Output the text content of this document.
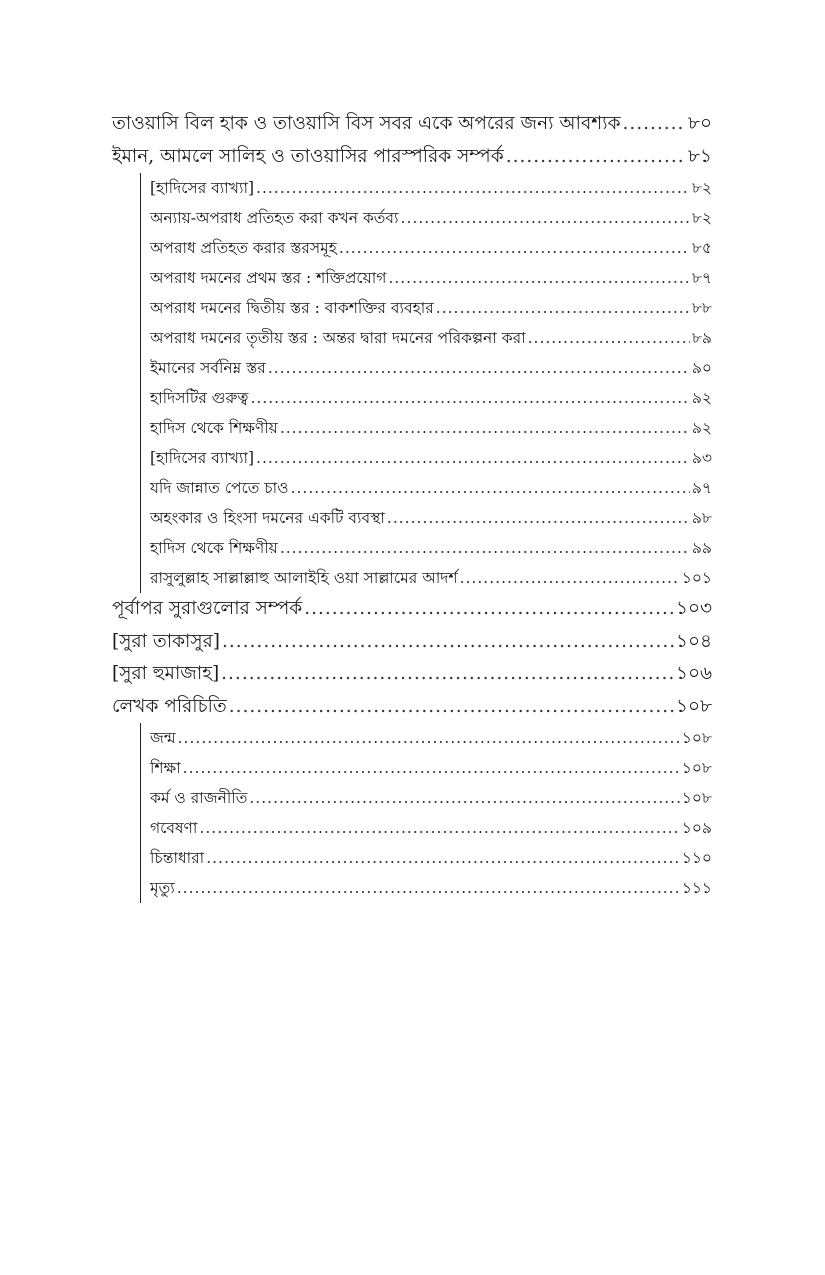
তাওয়াসি বিল হাক ও তাওয়াসি বিস সবর একে অপরের জন্য আবশ্যক .....	৮০
ইমান, আমলে সালিহ ও তাওয়াসির পারস্পরিক সম্পর্ক .....	৮১
[হাদিসের ব্যাখ্যা] .....	৮২
অন্যায়-অপরাধ প্রতিহত করা কখন কর্তব্য .....	৮২
অপরাধ প্রতিহত করার স্তরসমূহ .....	৮৫
অপরাধ দমনের প্রথম স্তর : শক্তিপ্রয়োগ .....	৮৭
অপরাধ দমনের দ্বিতীয় স্তর : বাকশক্তির ব্যবহার .....	৮৮
অপরাধ দমনের তৃতীয় স্তর : অন্তর দ্বারা দমনের পরিকল্পনা করা .....	৮৯
ইমানের সর্বনিম্ন স্তর .....	৯০
হাদিসটির গুরুত্ব .....	৯২
হাদিস থেকে শিক্ষণীয় .....	৯২
[হাদিসের ব্যাখ্যা] .....	৯৩
যদি জান্নাত পেতে চাও .....	৯৭
অহংকার ও হিংসা দমনের একটি ব্যবস্থা .....	৯৮
হাদিস থেকে শিক্ষণীয় .....	৯৯
রাসুলুল্লাহ সাল্লাল্লাহু আলাইহি ওয়া সাল্লামের আদর্শ .....	১০১
পূর্বাপর সুরাগুলোর সম্পর্ক .....	১০৩
[সুরা তাকাসুর] .....	১০৪
[সুরা হুমাজাহ] .....	১০৬
লেখক পরিচিতি .....	১০৮
জন্ম .....	১০৮
শিক্ষা .....	১০৮
কর্ম ও রাজনীতি .....	১০৮
গবেষণা .....	১০৯
চিন্তাধারা .....	১১০
মৃত্যু .....	১১১
